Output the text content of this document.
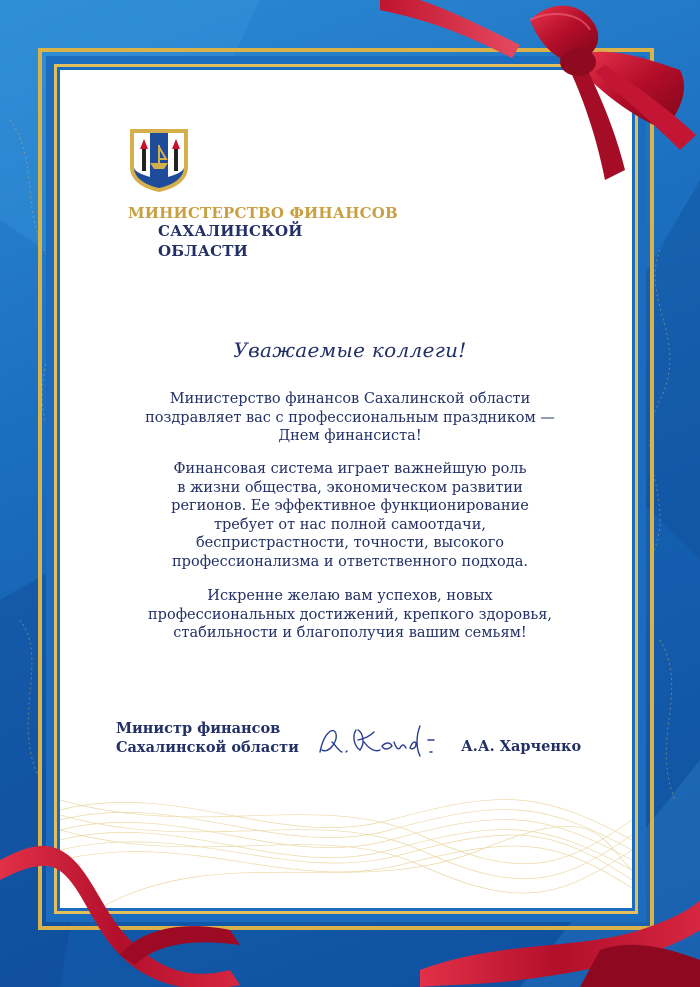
МИНИСТЕРСТВО ФИНАНСОВ
САХАЛИНСКОЙ
ОБЛАСТИ
Уважаемые коллеги!
Министерство финансов Сахалинской области
поздравляет вас с профессиональным праздником —
Днем финансиста!
Финансовая система играет важнейшую роль
в жизни общества, экономическом развитии
регионов. Ее эффективное функционирование
требует от нас полной самоотдачи,
беспристрастности, точности, высокого
профессионализма и ответственного подхода.
Искренне желаю вам успехов, новых
профессиональных достижений, крепкого здоровья,
стабильности и благополучия вашим семьям!
Министр финансов
Сахалинской области	А.А. Харченко
